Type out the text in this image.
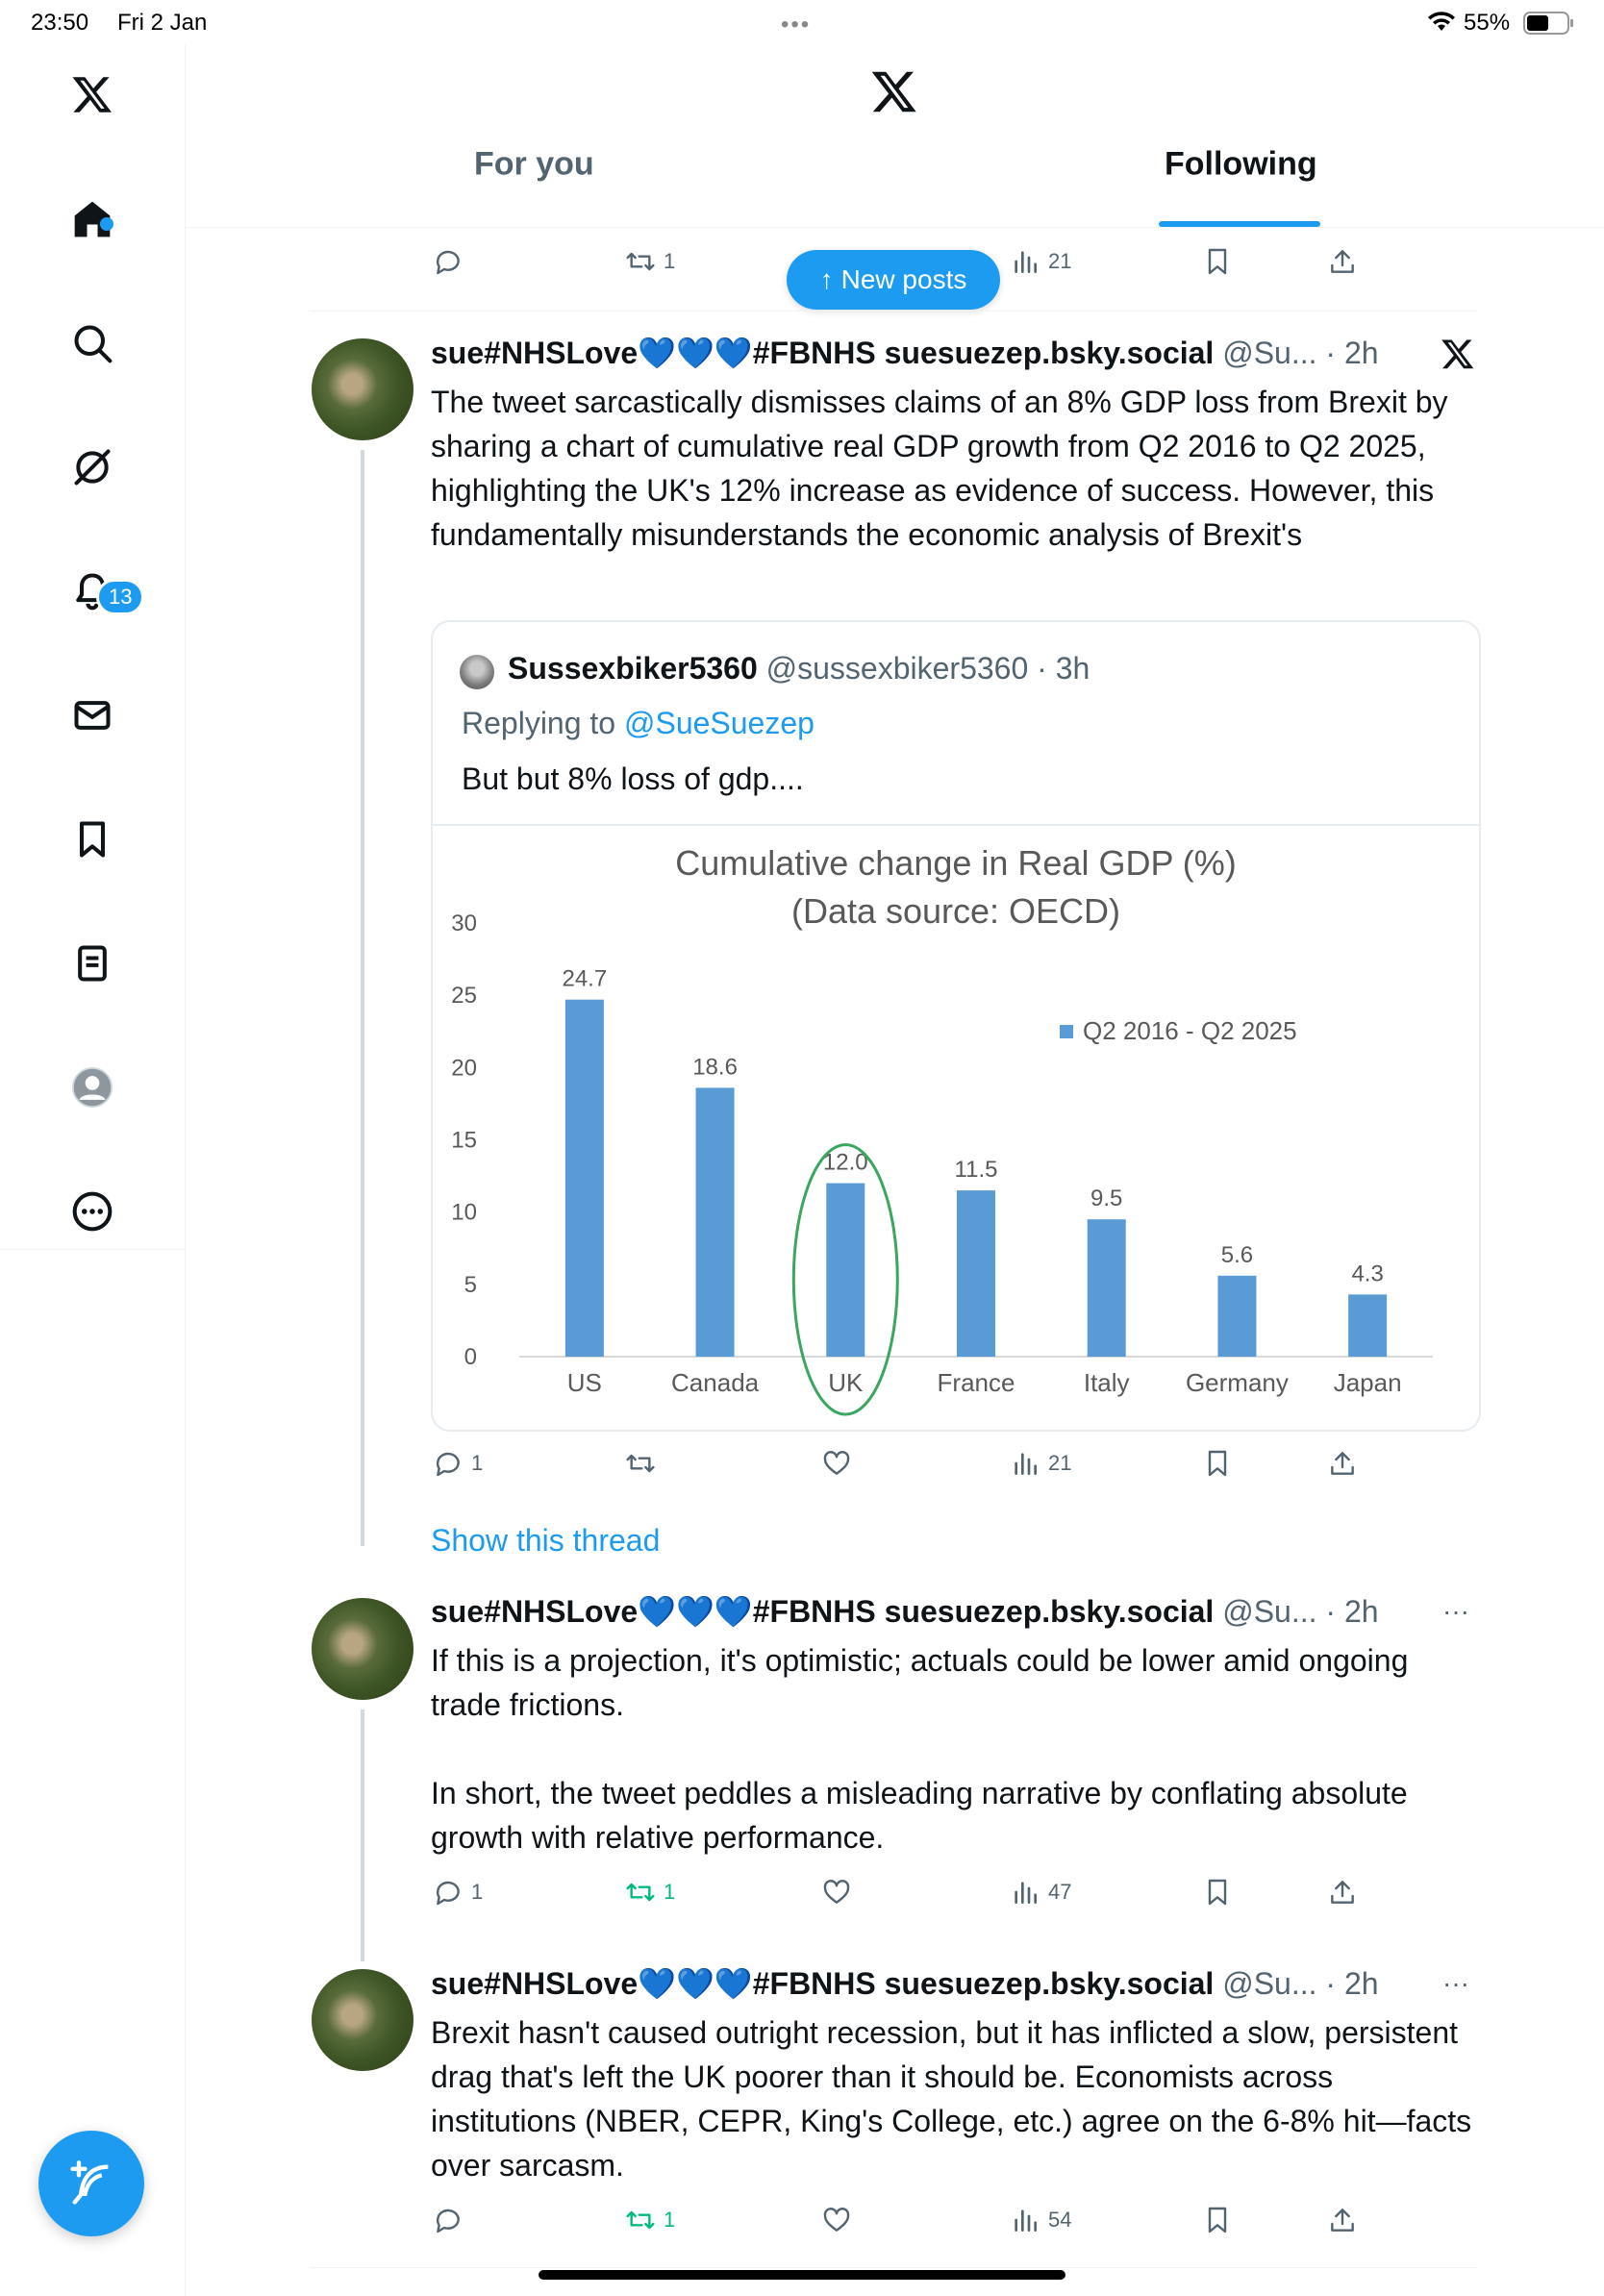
23:50 Fri 2 Jan	•••	55%
13
For you	Following
1	21
↑ New posts
sue#NHSLove💙💙💙#FBNHS suesuezep.bsky.social @Su... · 2h
The tweet sarcastically dismisses claims of an 8% GDP loss from Brexit by sharing a chart of cumulative real GDP growth from Q2 2016 to Q2 2025, highlighting the UK's 12% increase as evidence of success. However, this fundamentally misunderstands the economic analysis of Brexit's
Sussexbiker5360 @sussexbiker5360 · 3h
Replying to @SueSuezep
But but 8% loss of gdp....
Cumulative change in Real GDP (%)
(Data source: OECD)
Q2 2016 - Q2 2025
0
5
10
15
20
25
30
24.7
US
18.6
Canada
12.0
UK
11.5
France
9.5
Italy
5.6
Germany
4.3
Japan
1	21
Show this thread
sue#NHSLove💙💙💙#FBNHS suesuezep.bsky.social @Su... · 2h ···
If this is a projection, it's optimistic; actuals could be lower amid ongoing trade frictions.

In short, the tweet peddles a misleading narrative by conflating absolute growth with relative performance.
1	1	47
sue#NHSLove💙💙💙#FBNHS suesuezep.bsky.social @Su... · 2h ···
Brexit hasn't caused outright recession, but it has inflicted a slow, persistent drag that's left the UK poorer than it should be. Economists across institutions (NBER, CEPR, King's College, etc.) agree on the 6-8% hit—facts over sarcasm.
1	54
